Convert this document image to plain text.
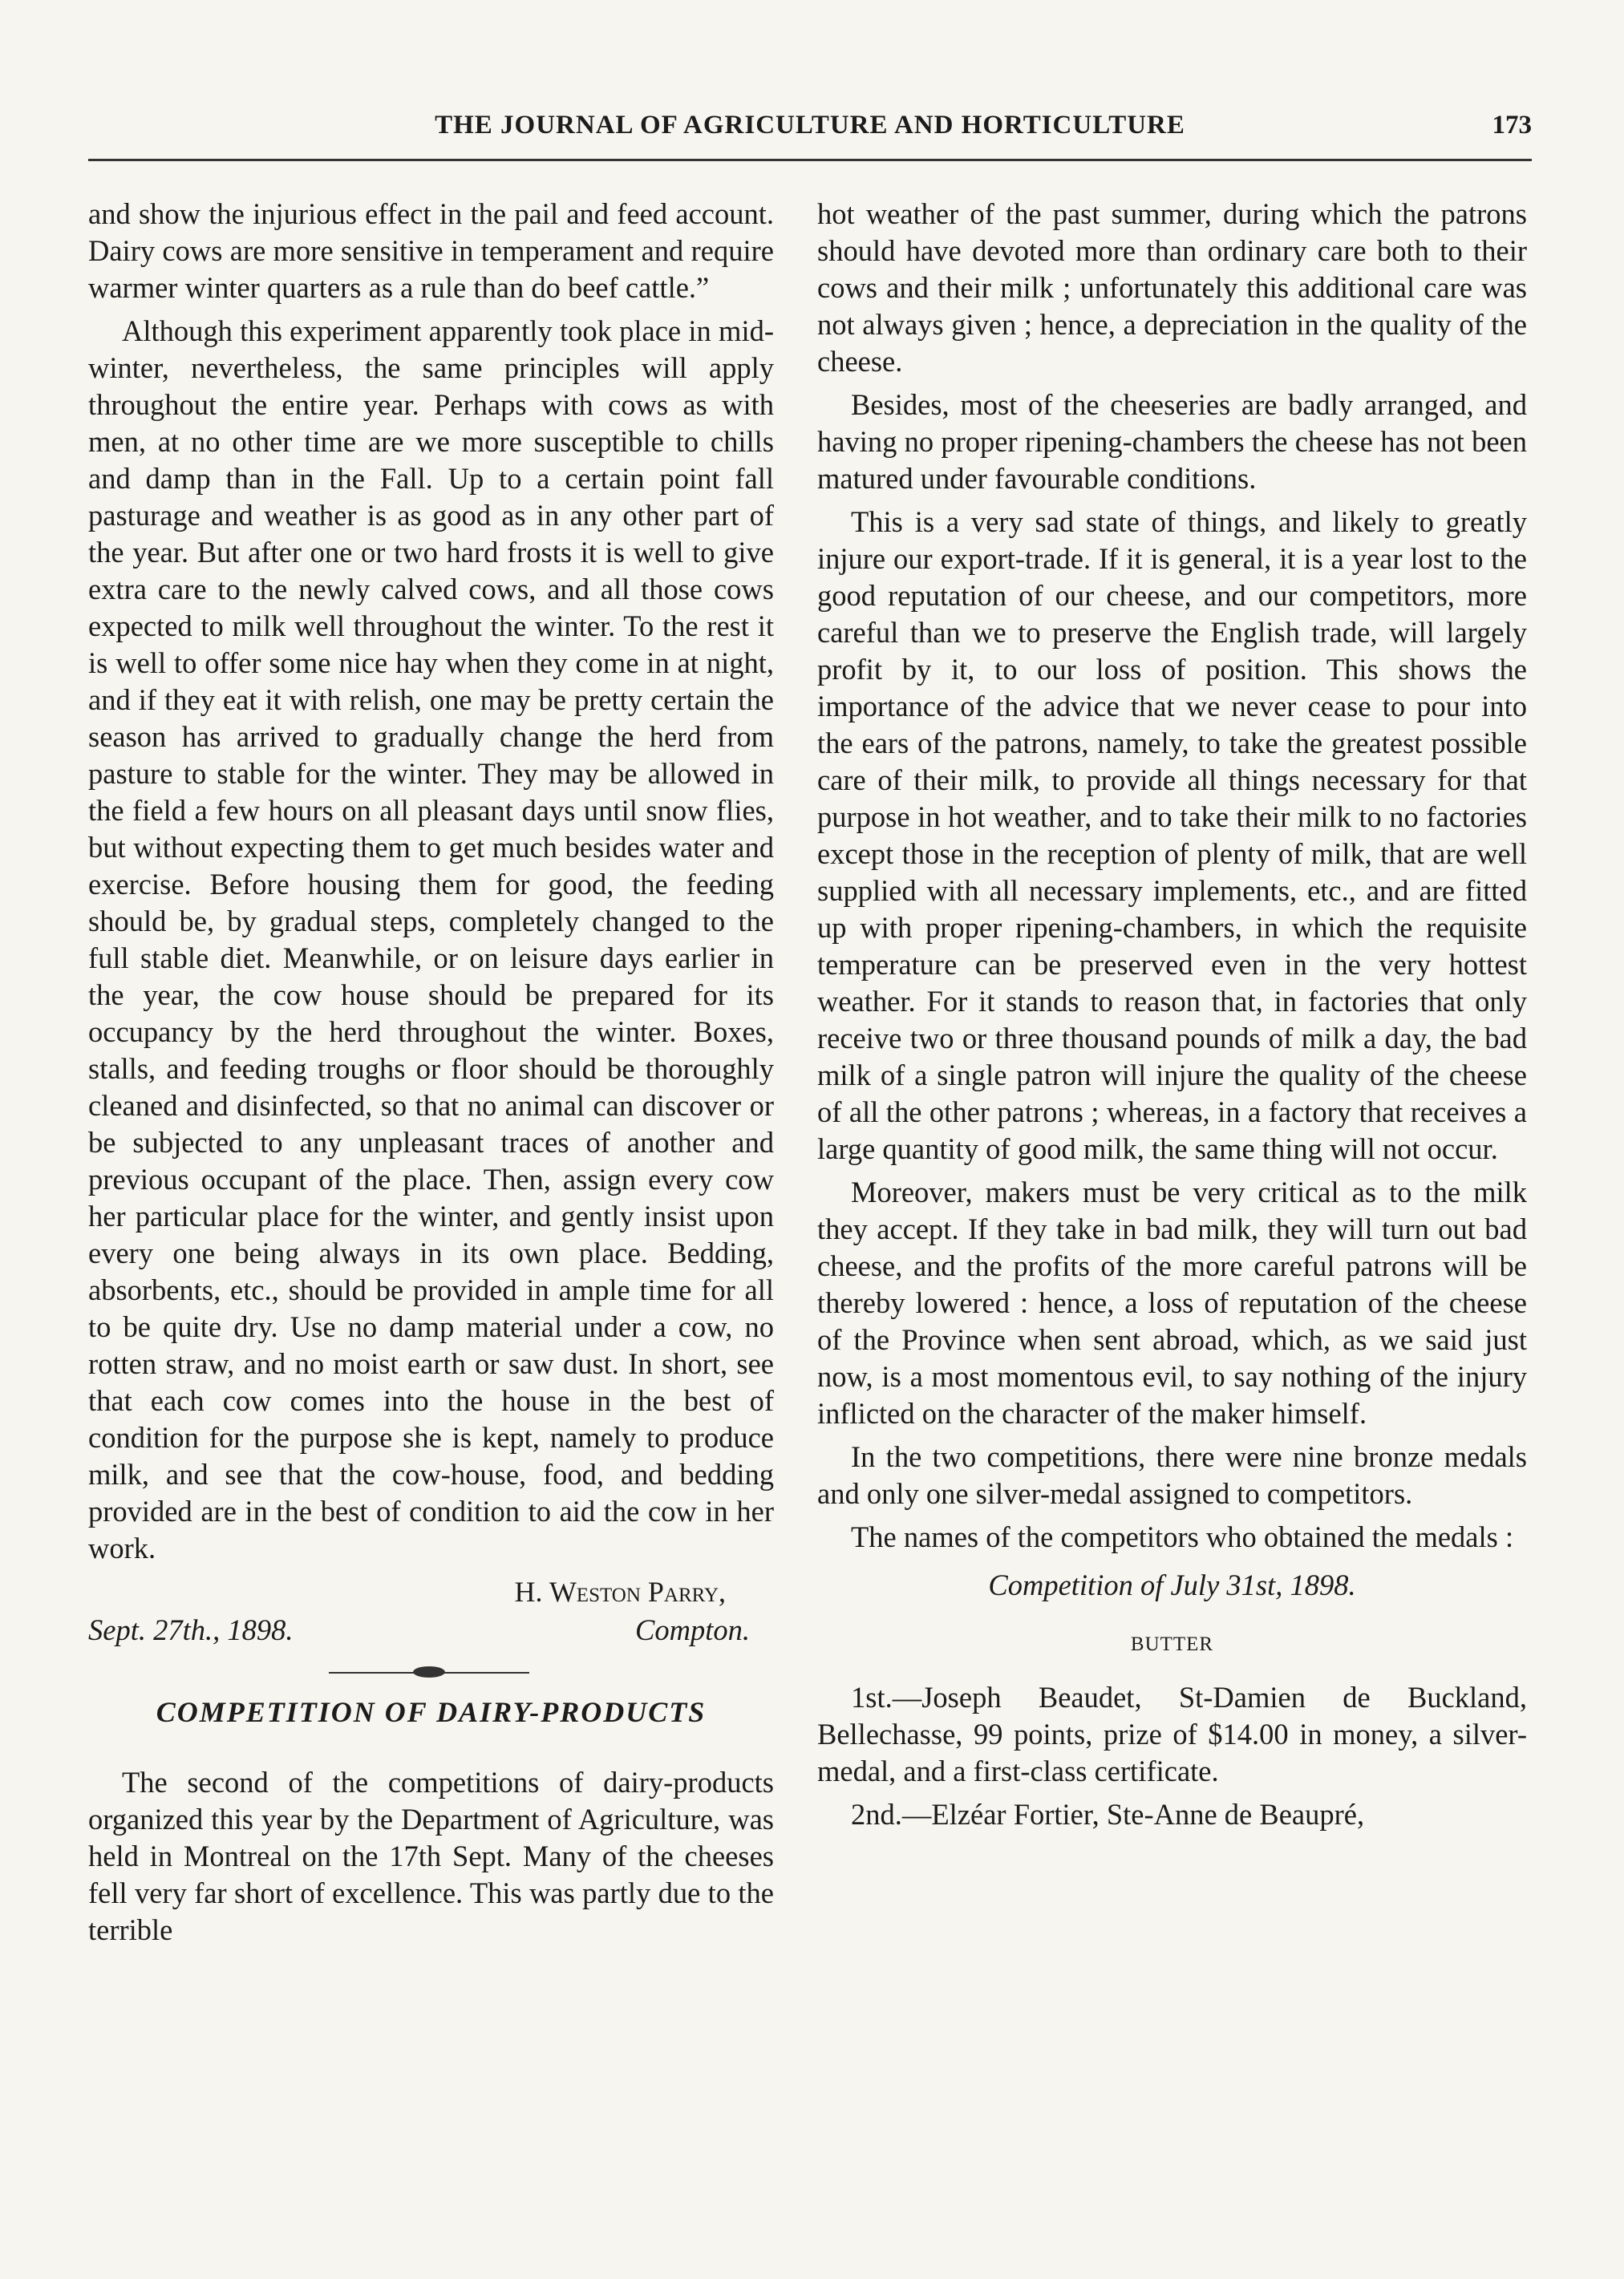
THE JOURNAL OF AGRICULTURE AND HORTICULTURE	173

and show the injurious effect in the pail and feed account. Dairy cows are more sensitive in temperament and require warmer winter quarters as a rule than do beef cattle.”

Although this experiment apparently took place in mid-winter, nevertheless, the same principles will apply throughout the entire year. Perhaps with cows as with men, at no other time are we more susceptible to chills and damp than in the Fall. Up to a certain point fall pasturage and weather is as good as in any other part of the year. But after one or two hard frosts it is well to give extra care to the newly calved cows, and all those cows expected to milk well throughout the winter. To the rest it is well to offer some nice hay when they come in at night, and if they eat it with relish, one may be pretty certain the season has arrived to gradually change the herd from pasture to stable for the winter. They may be allowed in the field a few hours on all pleasant days until snow flies, but without expecting them to get much besides water and exercise. Before housing them for good, the feeding should be, by gradual steps, completely changed to the full stable diet. Meanwhile, or on leisure days earlier in the year, the cow house should be prepared for its occupancy by the herd throughout the winter. Boxes, stalls, and feeding troughs or floor should be thoroughly cleaned and disinfected, so that no animal can discover or be subjected to any unpleasant traces of another and previous occupant of the place. Then, assign every cow her particular place for the winter, and gently insist upon every one being always in its own place. Bedding, absorbents, etc., should be provided in ample time for all to be quite dry. Use no damp material under a cow, no rotten straw, and no moist earth or saw dust. In short, see that each cow comes into the house in the best of condition for the purpose she is kept, namely to produce milk, and see that the cow-house, food, and bedding provided are in the best of condition to aid the cow in her work.

H. Weston Parry,
Sept. 27th., 1898.	Compton.
COMPETITION OF DAIRY-PRODUCTS

The second of the competitions of dairy-products organized this year by the Department of Agriculture, was held in Montreal on the 17th Sept. Many of the cheeses fell very far short of excellence. This was partly due to the terrible

hot weather of the past summer, during which the patrons should have devoted more than ordinary care both to their cows and their milk ; unfortunately this additional care was not always given ; hence, a depreciation in the quality of the cheese.

Besides, most of the cheeseries are badly arranged, and having no proper ripening-chambers the cheese has not been matured under favourable conditions.

This is a very sad state of things, and likely to greatly injure our export-trade. If it is general, it is a year lost to the good reputation of our cheese, and our competitors, more careful than we to preserve the English trade, will largely profit by it, to our loss of position. This shows the importance of the advice that we never cease to pour into the ears of the patrons, namely, to take the greatest possible care of their milk, to provide all things necessary for that purpose in hot weather, and to take their milk to no factories except those in the reception of plenty of milk, that are well supplied with all necessary implements, etc., and are fitted up with proper ripening-chambers, in which the requisite temperature can be preserved even in the very hottest weather. For it stands to reason that, in factories that only receive two or three thousand pounds of milk a day, the bad milk of a single patron will injure the quality of the cheese of all the other patrons ; whereas, in a factory that receives a large quantity of good milk, the same thing will not occur.

Moreover, makers must be very critical as to the milk they accept. If they take in bad milk, they will turn out bad cheese, and the profits of the more careful patrons will be thereby lowered : hence, a loss of reputation of the cheese of the Province when sent abroad, which, as we said just now, is a most momentous evil, to say nothing of the injury inflicted on the character of the maker himself.

In the two competitions, there were nine bronze medals and only one silver-medal assigned to competitors.

The names of the competitors who obtained the medals :

Competition of July 31st, 1898.
BUTTER

1st.—Joseph Beaudet, St-Damien de Buckland, Bellechasse, 99 points, prize of $14.00 in money, a silver-medal, and a first-class certificate.

2nd.—Elzéar Fortier, Ste-Anne de Beaupré,
